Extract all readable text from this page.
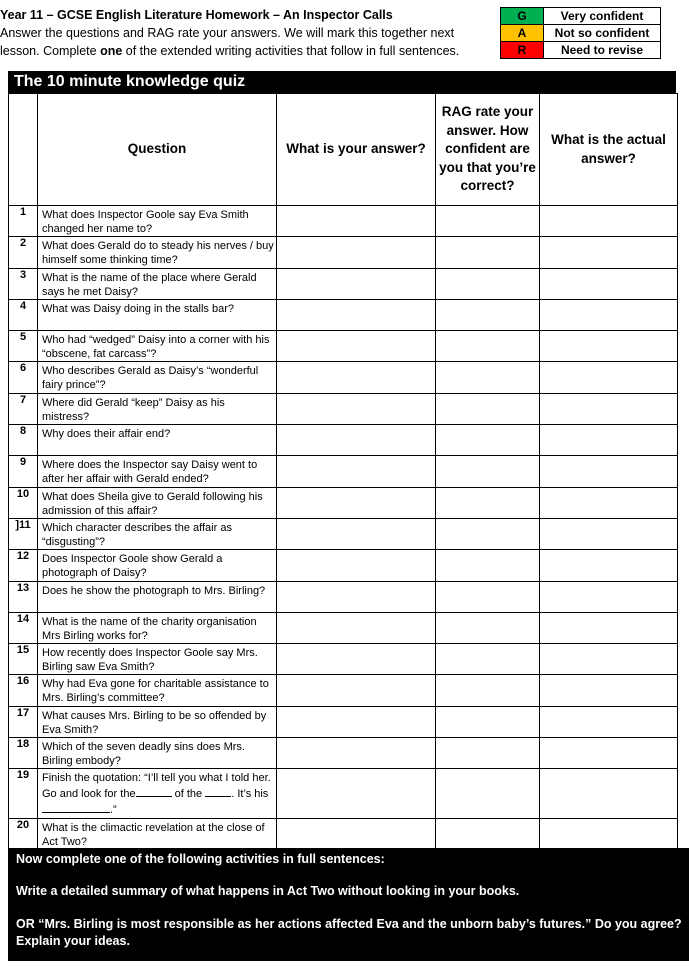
Year 11 – GCSE English Literature Homework – An Inspector Calls
Answer the questions and RAG rate your answers. We will mark this together next
lesson. Complete one of the extended writing activities that follow in full sentences.
G	Very confident
A	Not so confident
R	Need to revise
The 10 minute knowledge quiz
	Question	What is your answer?	RAG rate your answer. How confident are you that you’re correct?	What is the actual answer?
1	What does Inspector Goole say Eva Smith changed her name to?			
2	What does Gerald do to steady his nerves / buy himself some thinking time?			
3	What is the name of the place where Gerald says he met Daisy?			
4	What was Daisy doing in the stalls bar?			
5	Who had “wedged” Daisy into a corner with his “obscene, fat carcass”?			
6	Who describes Gerald as Daisy’s “wonderful fairy prince”?			
7	Where did Gerald “keep” Daisy as his mistress?			
8	Why does their affair end?			
9	Where does the Inspector say Daisy went to after her affair with Gerald ended?			
10	What does Sheila give to Gerald following his admission of this affair?			
]11	Which character describes the affair as “disgusting”?			
12	Does Inspector Goole show Gerald a photograph of Daisy?			
13	Does he show the photograph to Mrs. Birling?			
14	What is the name of the charity organisation Mrs Birling works for?			
15	How recently does Inspector Goole say Mrs. Birling saw Eva Smith?			
16	Why had Eva gone for charitable assistance to Mrs. Birling’s committee?			
17	What causes Mrs. Birling to be so offended by Eva Smith?			
18	Which of the seven deadly sins does Mrs. Birling embody?			
19	Finish the quotation: “I’ll tell you what I told her. Go and look for the of the . It’s his .”			
20	What is the climactic revelation at the close of Act Two?			

Now complete one of the following activities in full sentences:

Write a detailed summary of what happens in Act Two without looking in your books.

OR “Mrs. Birling is most responsible as her actions affected Eva and the unborn baby’s futures.” Do you agree? Explain your ideas.
